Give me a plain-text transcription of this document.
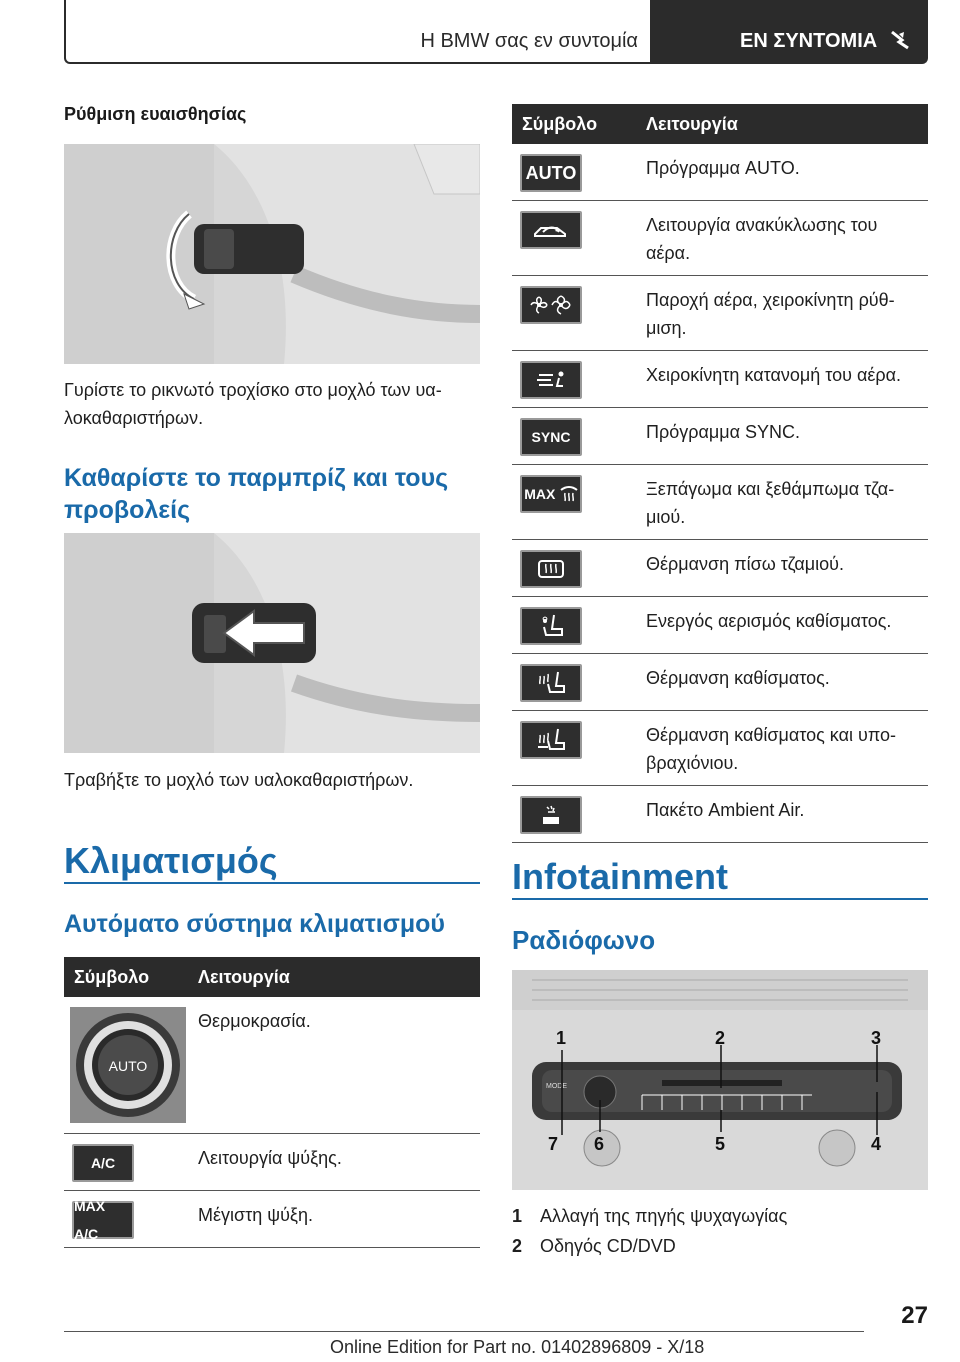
Η BMW σας εν συντομία	ΕΝ ΣΥΝΤΟΜΙΑ
Ρύθμιση ευαισθησίας
Γυρίστε το ρικνωτό τροχίσκο στο μοχλό των υαλοκαθαριστήρων.
Καθαρίστε το παρμπρίζ και τους προβολείς
Τραβήξτε το μοχλό των υαλοκαθαριστήρων.
Κλιματισμός
Αυτόματο σύστημα κλιματισμού
Σύμβολο	Λειτουργία

AUTO	Θερμοκρασία.

A/C	Λειτουργία ψύξης.

MAX A/C	Μέγιστη ψύξη.
Σύμβολο	Λειτουργία

AUTO	Πρόγραμμα AUTO.

	Λειτουργία ανακύκλωσης του αέρα.

	Παροχή αέρα, χειροκίνητη ρύθμιση.

	Χειροκίνητη κατανομή του αέρα.

SYNC	Πρόγραμμα SYNC.

MAX	Ξεπάγωμα και ξεθάμπωμα τζαμιού.

	Θέρμανση πίσω τζαμιού.

	Ενεργός αερισμός καθίσματος.

	Θέρμανση καθίσματος.

	Θέρμανση καθίσματος και υποβραχιόνιου.

	Πακέτο Ambient Air.
Infotainment
Ραδιόφωνο
MODE
1	2	3
4
5
6
7
1 Αλλαγή της πηγής ψυχαγωγίας
2 Οδηγός CD/DVD
27
Online Edition for Part no. 01402896809 - X/18
